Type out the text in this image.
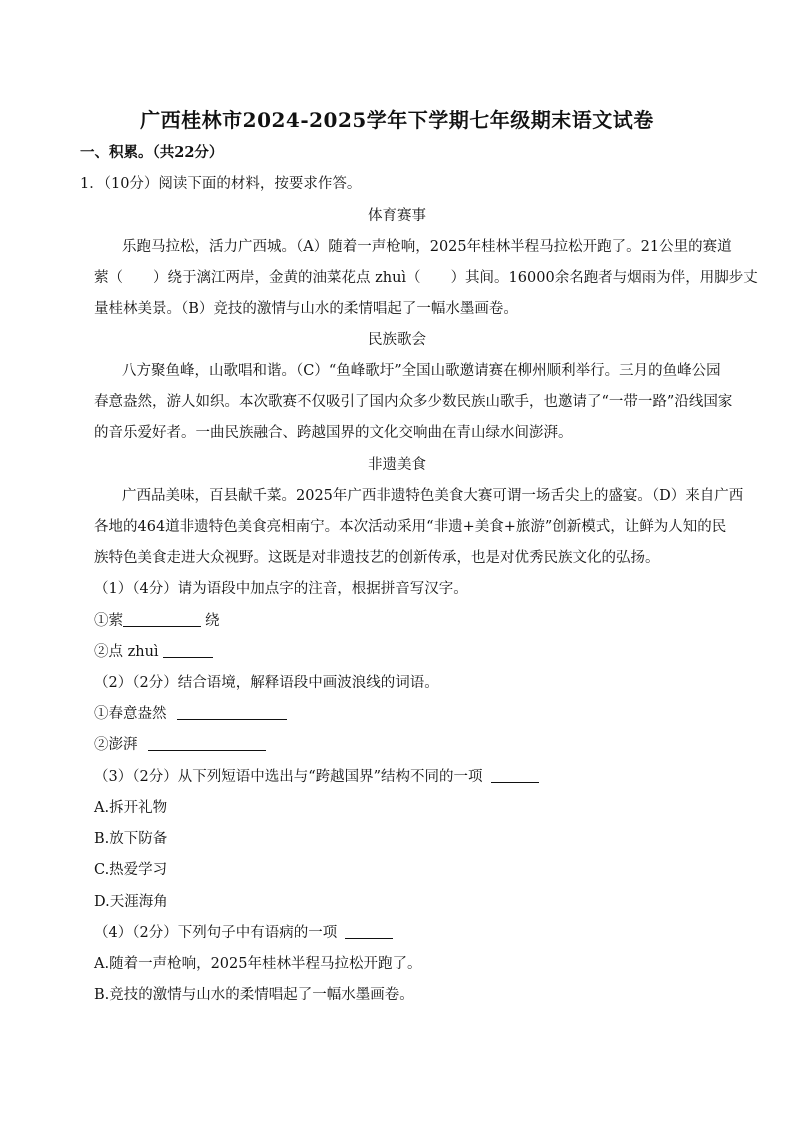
广西桂林市2024-2025学年下学期七年级期末语文试卷
一、积累。（共22分）
1．（10分）阅读下面的材料，按要求作答。
体育赛事
乐跑马拉松，活力广西城。（A）随着一声枪响，2025年桂林半程马拉松开跑了。21公里的赛道
萦（ ）绕于漓江两岸，金黄的油菜花点 zhuì（ ）其间。16000余名跑者与烟雨为伴，用脚步丈
量桂林美景。（B）竞技的激情与山水的柔情唱起了一幅水墨画卷。
民族歌会
八方聚鱼峰，山歌唱和谐。（C）“鱼峰歌圩”全国山歌邀请赛在柳州顺利举行。三月的鱼峰公园
春意盎然，游人如织。本次歌赛不仅吸引了国内众多少数民族山歌手，也邀请了“一带一路”沿线国家
的音乐爱好者。一曲民族融合、跨越国界的文化交响曲在青山绿水间澎湃。
非遗美食
广西品美味，百县献千菜。2025年广西非遗特色美食大赛可谓一场舌尖上的盛宴。（D）来自广西
各地的464道非遗特色美食亮相南宁。本次活动采用“非遗+美食+旅游”创新模式，让鲜为人知的民
族特色美食走进大众视野。这既是对非遗技艺的创新传承，也是对优秀民族文化的弘扬。
（1）（4分）请为语段中加点字的注音，根据拼音写汉字。
①萦	绕
②点 zhuì
（2）（2分）结合语境，解释语段中画波浪线的词语。
①春意盎然
②澎湃
（3）（2分）从下列短语中选出与“跨越国界”结构不同的一项
A.拆开礼物
B.放下防备
C.热爱学习
D.天涯海角
（4）（2分）下列句子中有语病的一项
A.随着一声枪响，2025年桂林半程马拉松开跑了。
B.竞技的激情与山水的柔情唱起了一幅水墨画卷。
